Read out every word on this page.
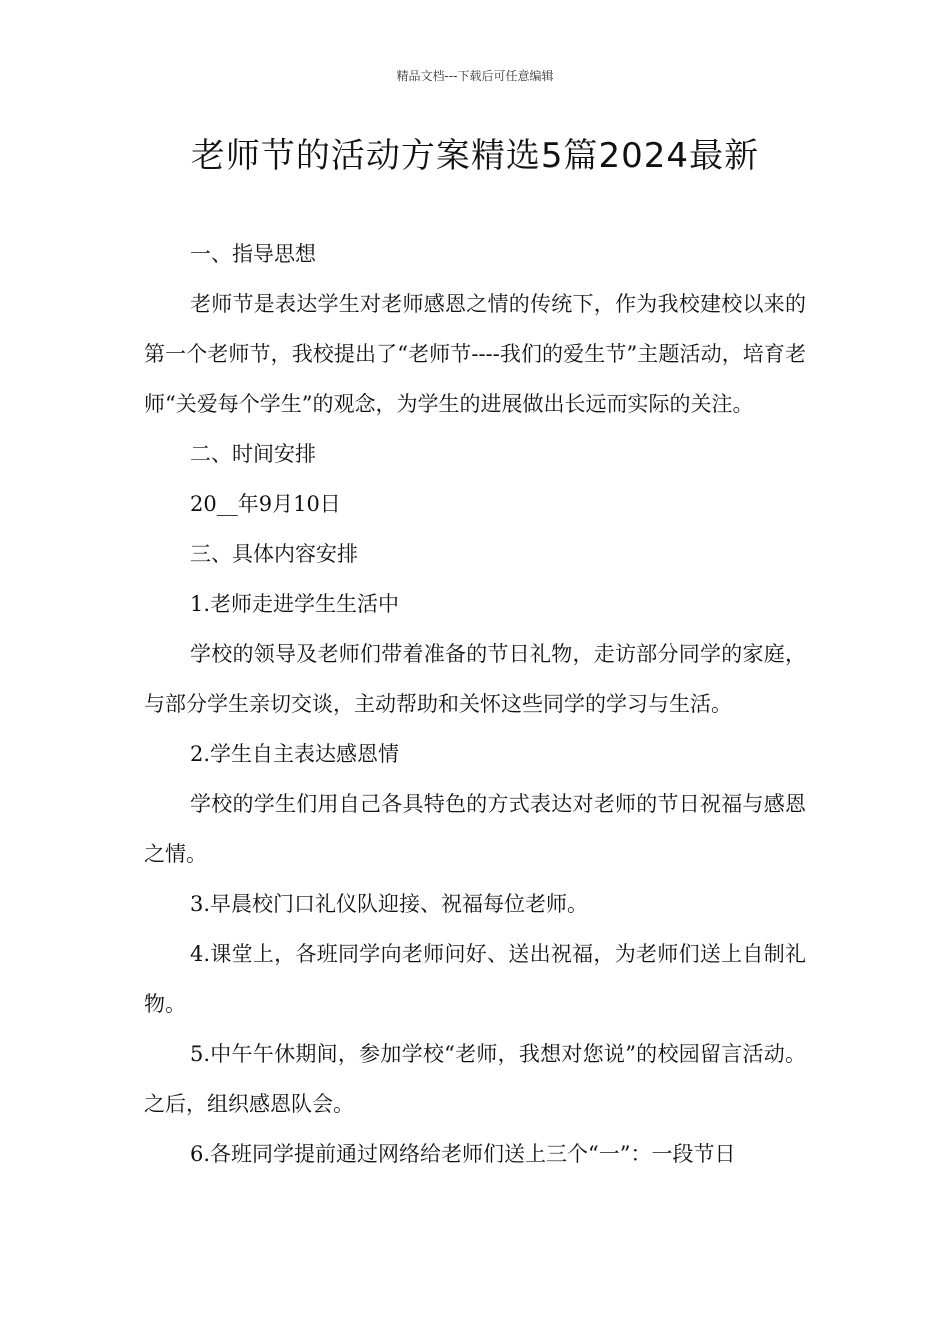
精品文档---下载后可任意编辑
老师节的活动方案精选5篇2024最新

一、指导思想

老师节是表达学生对老师感恩之情的传统下，作为我校建校以来的第一个老师节，我校提出了“老师节----我们的爱生节”主题活动，培育老师“关爱每个学生”的观念，为学生的进展做出长远而实际的关注。

二、时间安排

20__年9月10日

三、具体内容安排

1.老师走进学生生活中

学校的领导及老师们带着准备的节日礼物，走访部分同学的家庭，与部分学生亲切交谈，主动帮助和关怀这些同学的学习与生活。

2.学生自主表达感恩情

学校的学生们用自己各具特色的方式表达对老师的节日祝福与感恩之情。

3.早晨校门口礼仪队迎接、祝福每位老师。

4.课堂上，各班同学向老师问好、送出祝福，为老师们送上自制礼物。

5.中午午休期间，参加学校“老师，我想对您说”的校园留言活动。之后，组织感恩队会。

6.各班同学提前通过网络给老师们送上三个“一”：一段节日
